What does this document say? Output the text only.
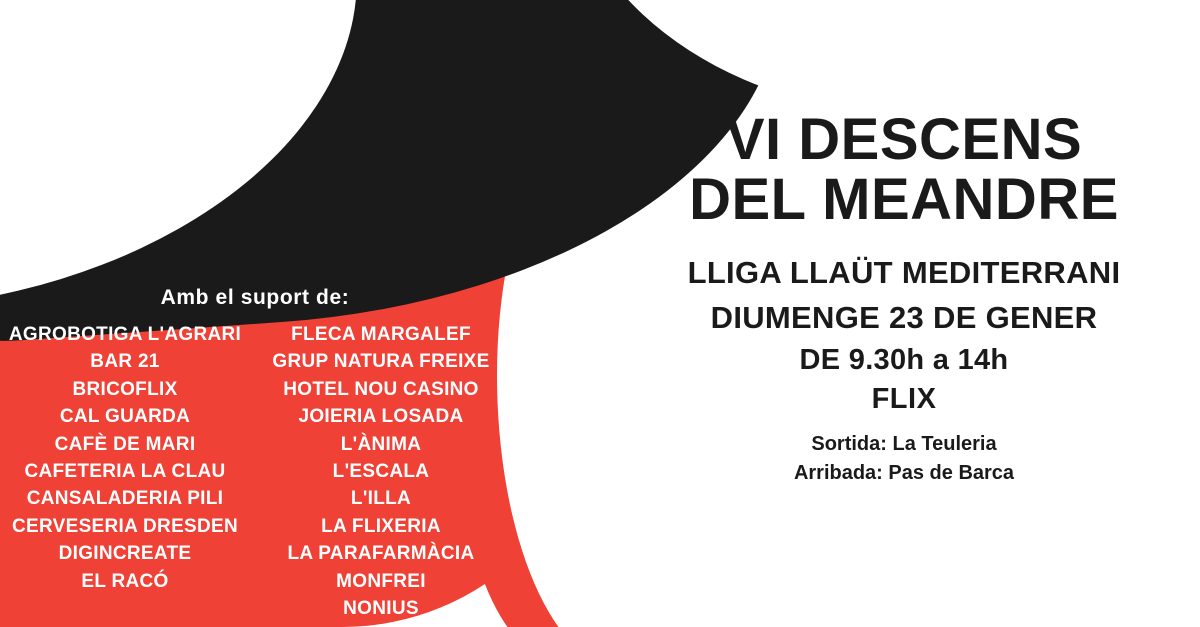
Amb el suport de:
AGROBOTIGA L'AGRARI
BAR 21
BRICOFLIX
CAL GUARDA
CAFÈ DE MARI
CAFETERIA LA CLAU
CANSALADERIA PILI
CERVESERIA DRESDEN
DIGINCREATE
EL RACÓ
FLECA MARGALEF
GRUP NATURA FREIXE
HOTEL NOU CASINO
JOIERIA LOSADA
L'ÀNIMA
L'ESCALA
L'ILLA
LA FLIXERIA
LA PARAFARMÀCIA
MONFREI
NONIUS
VI DESCENS
DEL MEANDRE
LLIGA LLAÜT MEDITERRANI
DIUMENGE 23 DE GENER
DE 9.30h a 14h
FLIX
Sortida: La Teuleria
Arribada: Pas de Barca
